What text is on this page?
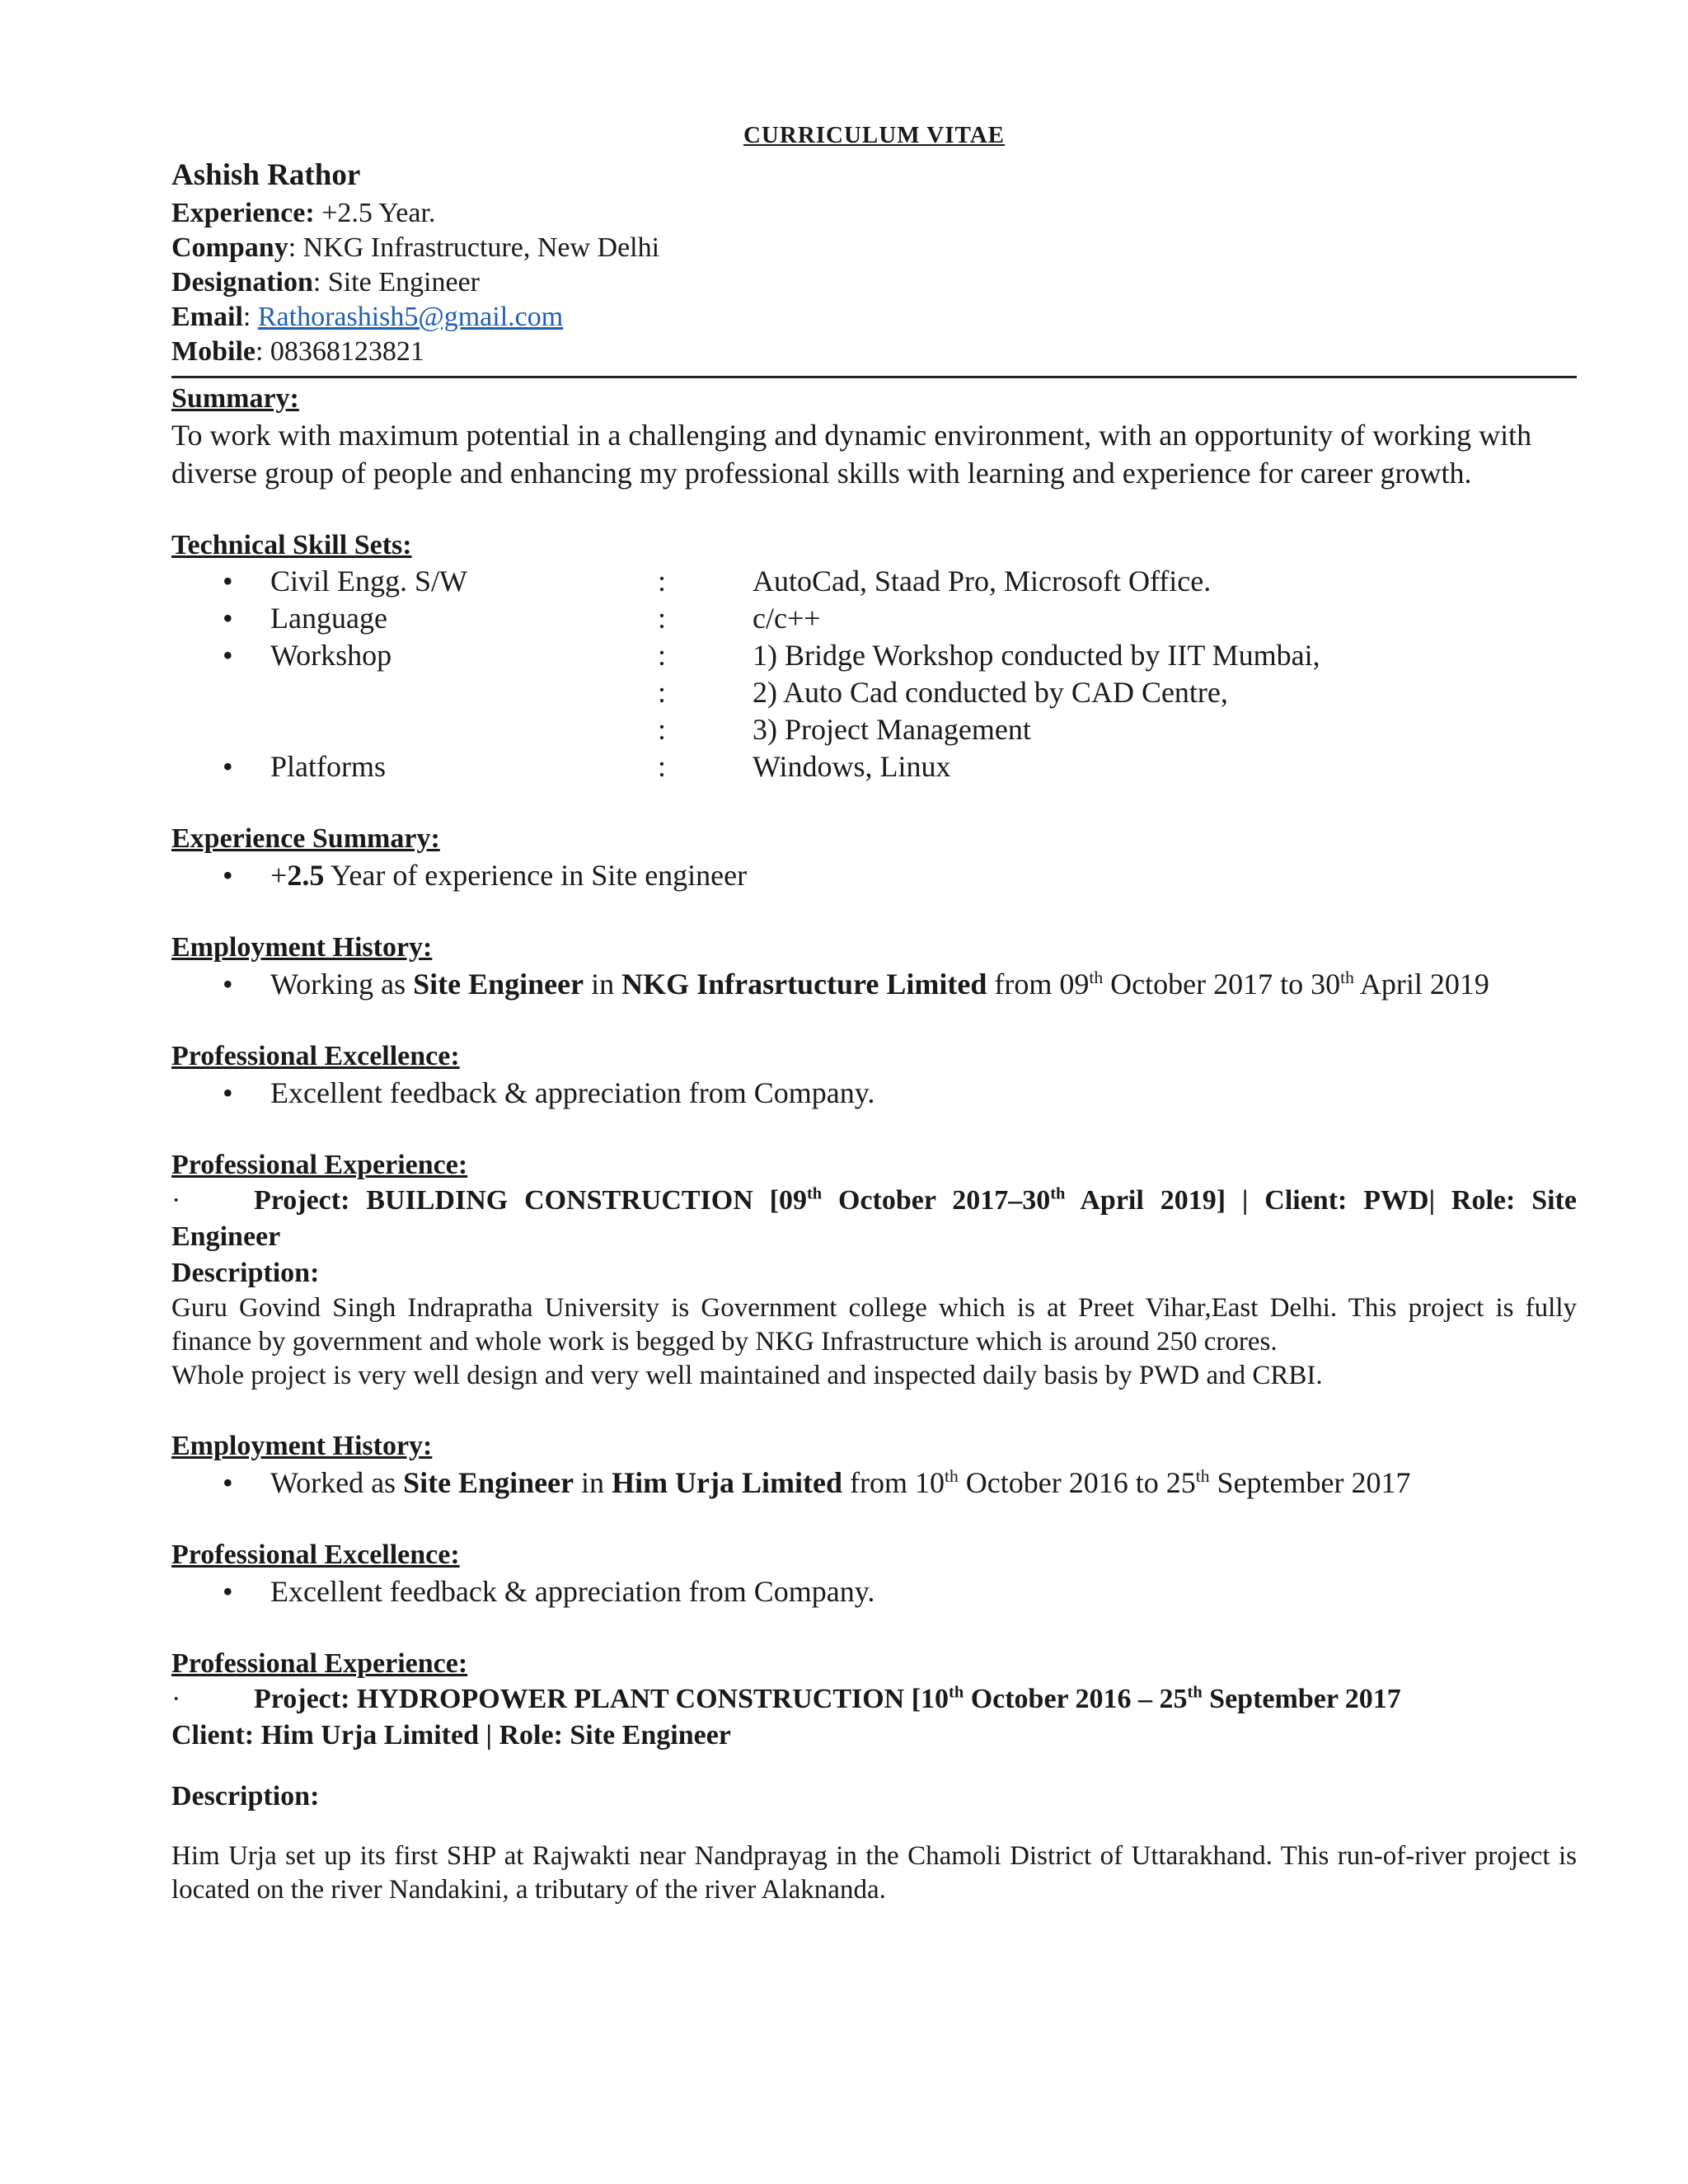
CURRICULUM VITAE
Ashish Rathor
Experience: +2.5 Year.
Company: NKG Infrastructure, New Delhi
Designation: Site Engineer
Email: Rathorashish5@gmail.com
Mobile: 08368123821
Summary:
To work with maximum potential in a challenging and dynamic environment, with an opportunity of working with diverse group of people and enhancing my professional skills with learning and experience for career growth.
Technical Skill Sets:
• Civil Engg. S/W	:	AutoCad, Staad Pro, Microsoft Office.
• Language	:	c/c++
• Workshop	:	1) Bridge Workshop conducted by IIT Mumbai,
:	2) Auto Cad conducted by CAD Centre,
:	3) Project Management
• Platforms	:	Windows, Linux
Experience Summary:
• +2.5 Year of experience in Site engineer
Employment History:
• Working as Site Engineer in NKG Infrasrtucture Limited from 09th October 2017 to 30th April 2019
Professional Excellence:
• Excellent feedback & appreciation from Company.
Professional Experience:
·	Project: BUILDING CONSTRUCTION [09th October 2017–30th April 2019] | Client: PWD| Role: Site Engineer
Description:
Guru Govind Singh Indrapratha University is Government college which is at Preet Vihar,East Delhi. This project is fully finance by government and whole work is begged by NKG Infrastructure which is around 250 crores.
Whole project is very well design and very well maintained and inspected daily basis by PWD and CRBI.
Employment History:
• Worked as Site Engineer in Him Urja Limited from 10th October 2016 to 25th September 2017
Professional Excellence:
• Excellent feedback & appreciation from Company.
Professional Experience:
·	Project: HYDROPOWER PLANT CONSTRUCTION [10th October 2016 – 25th September 2017
Client: Him Urja Limited | Role: Site Engineer
Description:
Him Urja set up its first SHP at Rajwakti near Nandprayag in the Chamoli District of Uttarakhand. This run-of-river project is located on the river Nandakini, a tributary of the river Alaknanda.
